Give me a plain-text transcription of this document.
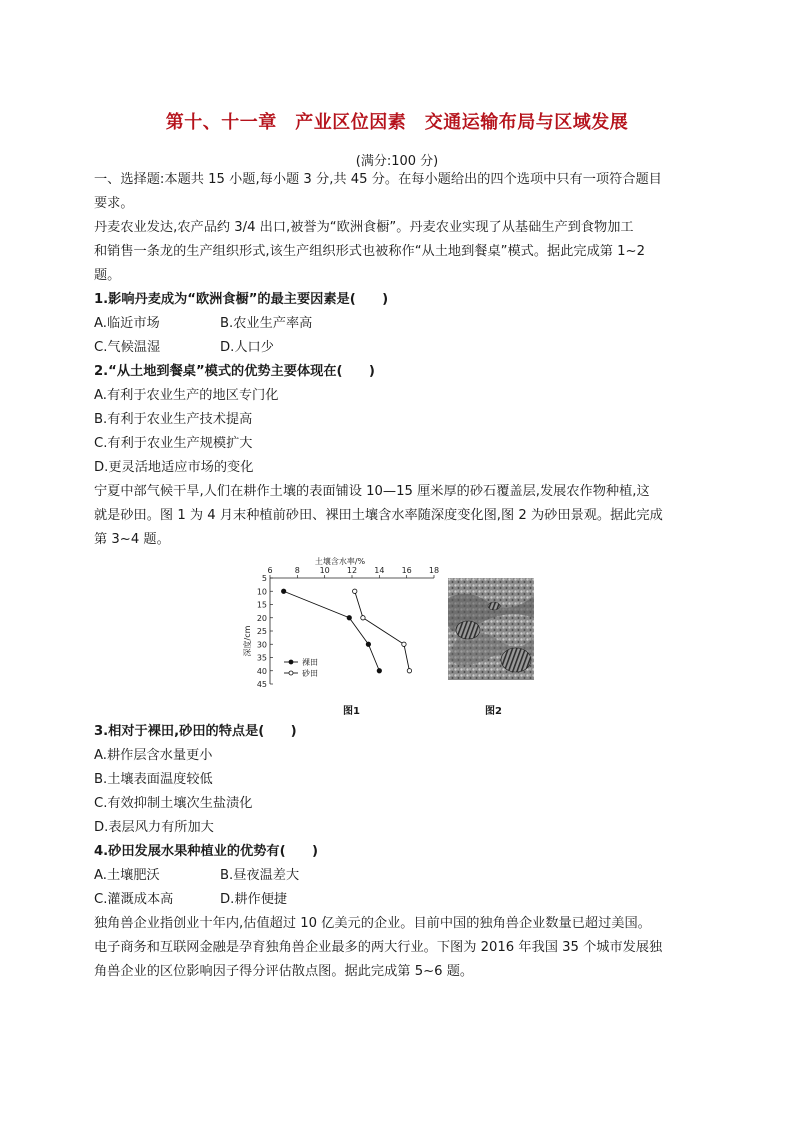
第十、十一章　产业区位因素　交通运输布局与区域发展
(满分:100 分)
一、选择题:本题共 15 小题,每小题 3 分,共 45 分。在每小题给出的四个选项中只有一项符合题目
要求。
丹麦农业发达,农产品约 3/4 出口,被誉为“欧洲食橱”。丹麦农业实现了从基础生产到食物加工
和销售一条龙的生产组织形式,该生产组织形式也被称作“从土地到餐桌”模式。据此完成第 1~2
题。
1.影响丹麦成为“欧洲食橱”的最主要因素是(　　)
A.临近市场	B.农业生产率高
C.气候温湿	D.人口少
2.“从土地到餐桌”模式的优势主要体现在(　　)
A.有利于农业生产的地区专门化
B.有利于农业生产技术提高
C.有利于农业生产规模扩大
D.更灵活地适应市场的变化
宁夏中部气候干旱,人们在耕作土壤的表面铺设 10—15 厘米厚的砂石覆盖层,发展农作物种植,这
就是砂田。图 1 为 4 月末种植前砂田、裸田土壤含水率随深度变化图,图 2 为砂田景观。据此完成
第 3~4 题。
6	8 10 12 14 16 18
5
10
15
20
25
30
35
40
45
土壤含水率/%
深度/cm
裸田
砂田
图1	图2
3.相对于裸田,砂田的特点是(　　)
A.耕作层含水量更小
B.土壤表面温度较低
C.有效抑制土壤次生盐渍化
D.表层风力有所加大
4.砂田发展水果种植业的优势有(　　)
A.土壤肥沃	B.昼夜温差大
C.灌溉成本高	D.耕作便捷
独角兽企业指创业十年内,估值超过 10 亿美元的企业。目前中国的独角兽企业数量已超过美国。
电子商务和互联网金融是孕育独角兽企业最多的两大行业。下图为 2016 年我国 35 个城市发展独
角兽企业的区位影响因子得分评估散点图。据此完成第 5~6 题。
